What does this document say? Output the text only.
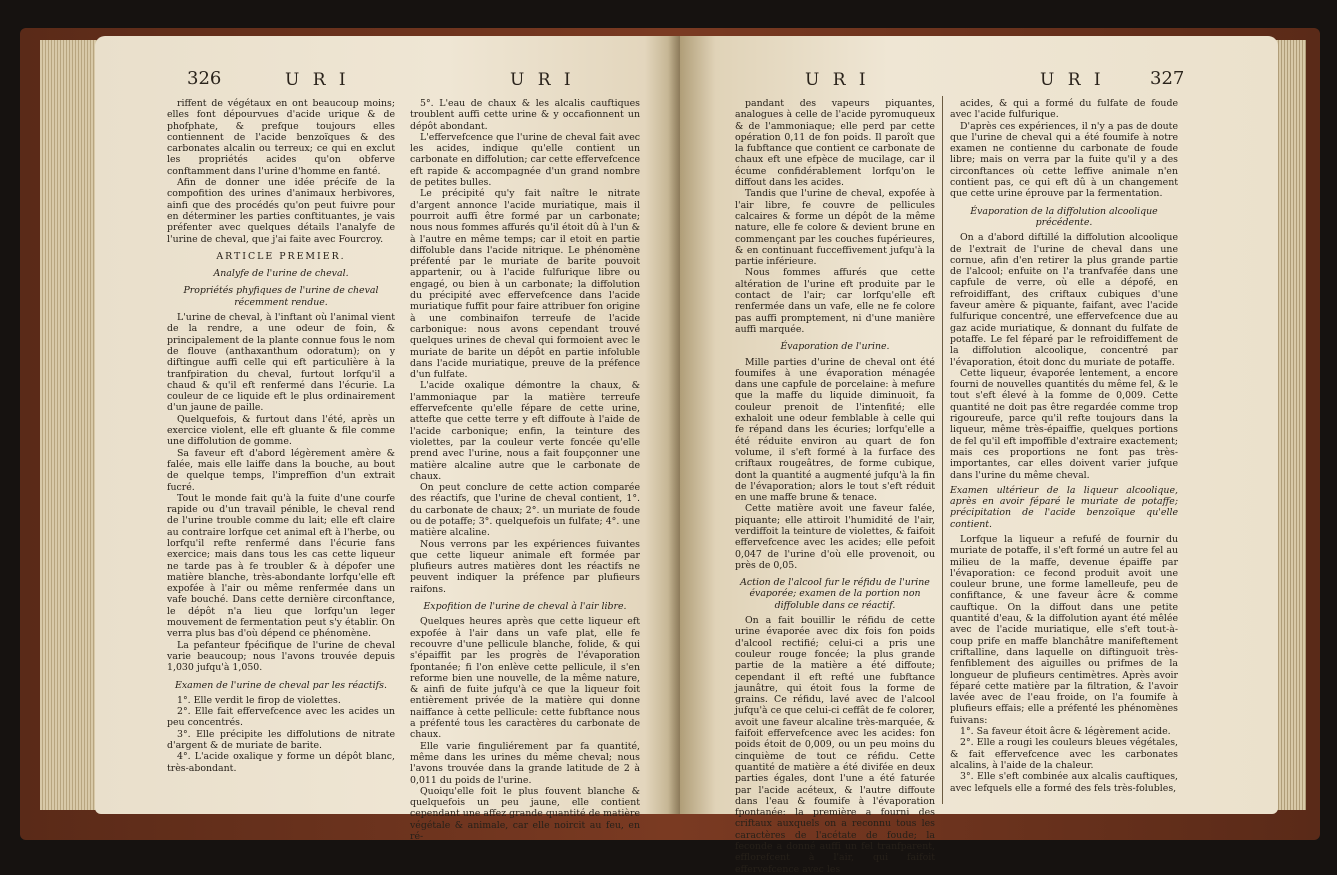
326	U R I	U R I

riffent de végétaux en ont beaucoup moins; elles font dépourvues d'acide urique & de phofphate, & prefque toujours elles contiennent de l'acide benzoïques & des carbonates alcalin ou terreux; ce qui en exclut les propriétés acides qu'on obferve conftamment dans l'urine d'homme en fanté.

Afin de donner une idée précife de la compofition des urines d'animaux herbivores, ainfi que des procédés qu'on peut fuivre pour en déterminer les parties conftituantes, je vais préfenter avec quelques détails l'analyfe de l'urine de cheval, que j'ai faite avec Fourcroy.

ARTICLE PREMIER.

Analyfe de l'urine de cheval.

Propriétés phyfiques de l'urine de cheval récemment rendue.

L'urine de cheval, à l'inftant où l'animal vient de la rendre, a une odeur de foin, & principalement de la plante connue fous le nom de flouve (anthaxanthum odoratum); on y diftingue auffi celle qui eft particulière à la tranfpiration du cheval, furtout lorfqu'il a chaud & qu'il eft renfermé dans l'écurie. La couleur de ce liquide eft le plus ordinairement d'un jaune de paille.

Quelquefois, & furtout dans l'été, après un exercice violent, elle eft gluante & file comme une diffolution de gomme.

Sa faveur eft d'abord légèrement amère & falée, mais elle laiffe dans la bouche, au bout de quelque temps, l'impreffion d'un extrait fucré.

Tout le monde fait qu'à la fuite d'une courfe rapide ou d'un travail pénible, le cheval rend de l'urine trouble comme du lait; elle eft claire au contraire lorfque cet animal eft à l'herbe, ou lorfqu'il refte renfermé dans l'écurie fans exercice; mais dans tous les cas cette liqueur ne tarde pas à fe troubler & à dépofer une matière blanche, très-abondante lorfqu'elle eft expofée à l'air ou même renfermée dans un vafe bouché. Dans cette dernière circonftance, le dépôt n'a lieu que lorfqu'un leger mouvement de fermentation peut s'y établir. On verra plus bas d'où dépend ce phénomène.

La pefanteur fpécifique de l'urine de cheval varie beaucoup; nous l'avons trouvée depuis 1,030 jufqu'à 1,050.

Examen de l'urine de cheval par les réactifs.

1°. Elle verdit le firop de violettes.

2°. Elle fait effervefcence avec les acides un peu concentrés.

3°. Elle précipite les diffolutions de nitrate d'argent & de muriate de barite.

4°. L'acide oxalique y forme un dépôt blanc, très-abondant.

5°. L'eau de chaux & les alcalis cauftiques troublent auffi cette urine & y occafionnent un dépôt abondant.

L'effervefcence que l'urine de cheval fait avec les acides, indique qu'elle contient un carbonate en diffolution; car cette effervefcence eft rapide & accompagnée d'un grand nombre de petites bulles.

Le précipité qu'y fait naître le nitrate d'argent annonce l'acide muriatique, mais il pourroit auffi être formé par un carbonate; nous nous fommes affurés qu'il étoit dû à l'un & à l'autre en même temps; car il etoit en partie diffoluble dans l'acide nitrique. Le phénomène préfenté par le muriate de barite pouvoit appartenir, ou à l'acide fulfurique libre ou engagé, ou bien à un carbonate; la diffolution du précipité avec effervefcence dans l'acide muriatique fuffit pour faire attribuer fon origine à une combinaifon terreufe de l'acide carbonique: nous avons cependant trouvé quelques urines de cheval qui formoient avec le muriate de barite un dépôt en partie infoluble dans l'acide muriatique, preuve de la préfence d'un fulfate.

L'acide oxalique démontre la chaux, & l'ammoniaque par la matière terreufe effervefcente qu'elle fépare de cette urine, attefte que cette terre y eft diffoute à l'aide de l'acide carbonique; enfin, la teinture des violettes, par la couleur verte foncée qu'elle prend avec l'urine, nous a fait foupçonner une matière alcaline autre que le carbonate de chaux.

On peut conclure de cette action comparée des réactifs, que l'urine de cheval contient, 1°. du carbonate de chaux; 2°. un muriate de foude ou de potaffe; 3°. quelquefois un fulfate; 4°. une matière alcaline.

Nous verrons par les expériences fuivantes que cette liqueur animale eft formée par plufieurs autres matières dont les réactifs ne peuvent indiquer la préfence par plufieurs raifons.

Expofition de l'urine de cheval à l'air libre.

Quelques heures après que cette liqueur eft expofée à l'air dans un vafe plat, elle fe recouvre d'une pellicule blanche, folide, & qui s'épaiffit par les progrès de l'évaporation fpontanée; fi l'on enlève cette pellicule, il s'en reforme bien une nouvelle, de la même nature, & ainfi de fuite jufqu'à ce que la liqueur foit entièrement privée de la matière qui donne naiffance à cette pellicule: cette fubftance nous a préfenté tous les caractères du carbonate de chaux.

Elle varie finguliérement par fa quantité, même dans les urines du même cheval; nous l'avons trouvée dans la grande latitude de 2 à 0,011 du poids de l'urine.

Quoiqu'elle foit le plus fouvent blanche & quelquefois un peu jaune, elle contient cependant une affez grande quantité de matière végétale & animale, car elle noircit au feu, en ré-

U R I	U R I	327

pandant des vapeurs piquantes, analogues à celle de l'acide pyromuqueux & de l'ammoniaque; elle perd par cette opération 0,11 de fon poids. Il paroît que la fubftance que contient ce carbonate de chaux eft une efpèce de mucilage, car il écume confidérablement lorfqu'on le diffout dans les acides.

Tandis que l'urine de cheval, expofée à l'air libre, fe couvre de pellicules calcaires & forme un dépôt de la même nature, elle fe colore & devient brune en commençant par les couches fupérieures, & en continuant fucceffivement jufqu'à la partie inférieure.

Nous fommes affurés que cette altération de l'urine eft produite par le contact de l'air; car lorfqu'elle eft renfermée dans un vafe, elle ne fe colore pas auffi promptement, ni d'une manière auffi marquée.

Évaporation de l'urine.

Mille parties d'urine de cheval ont été foumifes à une évaporation ménagée dans une capfule de porcelaine: à mefure que la maffe du liquide diminuoit, fa couleur prenoit de l'intenfité; elle exhaloit une odeur femblable à celle qui fe répand dans les écuries; lorfqu'elle a été réduite environ au quart de fon volume, il s'eft formé à la furface des criftaux rougeâtres, de forme cubique, dont la quantité a augmenté jufqu'à la fin de l'évaporation; alors le tout s'eft réduit en une maffe brune & tenace.

Cette matière avoit une faveur falée, piquante; elle attiroit l'humidité de l'air, verdiffoit la teinture de violettes, & faifoit effervefcence avec les acides; elle pefoit 0,047 de l'urine d'où elle provenoit, ou près de 0,05.

Action de l'alcool fur le réfidu de l'urine évaporée; examen de la portion non diffoluble dans ce réactif.

On a fait bouillir le réfidu de cette urine évaporée avec dix fois fon poids d'alcool rectifié; celui-ci a pris une couleur rouge foncée; la plus grande partie de la matière a été diffoute; cependant il eft refté une fubftance jaunâtre, qui étoit fous la forme de grains. Ce réfidu, lavé avec de l'alcool jufqu'à ce que celui-ci ceffât de fe colorer, avoit une faveur alcaline très-marquée, & faifoit effervefcence avec les acides: fon poids étoit de 0,009, ou un peu moins du cinquième de tout ce réfidu. Cette quantité de matière a été divifée en deux parties égales, dont l'une a été faturée par l'acide acéteux, & l'autre diffoute dans l'eau & foumife à l'évaporation fpontanée: la première a fourni des criftaux auxquels on a reconnu tous les caractères de l'acétate de foude; la feconde a donné auffi un fel tranfparent, efflorefcent à l'air, qui faifoit effervefcence avec les

acides, & qui a formé du fulfate de foude avec l'acide fulfurique.

D'après ces expériences, il n'y a pas de doute que l'urine de cheval qui a été foumife à notre examen ne contienne du carbonate de foude libre; mais on verra par la fuite qu'il y a des circonftances où cette leffive animale n'en contient pas, ce qui eft dû à un changement que cette urine éprouve par la fermentation.

Évaporation de la diffolution alcoolique précédente.

On a d'abord diftillé la diffolution alcoolique de l'extrait de l'urine de cheval dans une cornue, afin d'en retirer la plus grande partie de l'alcool; enfuite on l'a tranfvafée dans une capfule de verre, où elle a dépofé, en refroidiffant, des criftaux cubiques d'une faveur amère & piquante, faifant, avec l'acide fulfurique concentré, une effervefcence due au gaz acide muriatique, & donnant du fulfate de potaffe. Le fel féparé par le refroidiffement de la diffolution alcoolique, concentré par l'évaporation, étoit donc du muriate de potaffe.

Cette liqueur, évaporée lentement, a encore fourni de nouvelles quantités du même fel, & le tout s'eft élevé à la fomme de 0,009. Cette quantité ne doit pas être regardée comme trop rigoureufe, parce qu'il refte toujours dans la liqueur, même très-épaiffie, quelques portions de fel qu'il eft impoffible d'extraire exactement; mais ces proportions ne font pas très-importantes, car elles doivent varier jufque dans l'urine du même cheval.

Examen ultérieur de la liqueur alcoolique, après en avoir féparé le muriate de potaffe; précipitation de l'acide benzoïque qu'elle contient.

Lorfque la liqueur a refufé de fournir du muriate de potaffe, il s'eft formé un autre fel au milieu de la maffe, devenue épaiffe par l'évaporation: ce fecond produit avoit une couleur brune, une forme lamelleufe, peu de confiftance, & une faveur âcre & comme cauftique. On la diffout dans une petite quantité d'eau, & la diffolution ayant été mêlée avec de l'acide muriatique, elle s'eft tout-à-coup prife en maffe blanchâtre manifeftement criftalline, dans laquelle on diftinguoit très-fenfiblement des aiguilles ou prifmes de la longueur de plufieurs centimètres. Après avoir féparé cette matière par la filtration, & l'avoir lavée avec de l'eau froide, on l'a foumife à plufieurs effais; elle a préfenté les phénomènes fuivans:

1°. Sa faveur étoit âcre & légèrement acide.

2°. Elle a rougi les couleurs bleues végétales, & fait effervefcence avec les carbonates alcalins, à l'aide de la chaleur.

3°. Elle s'eft combinée aux alcalis cauftiques, avec lefquels elle a formé des fels très-folubles,
